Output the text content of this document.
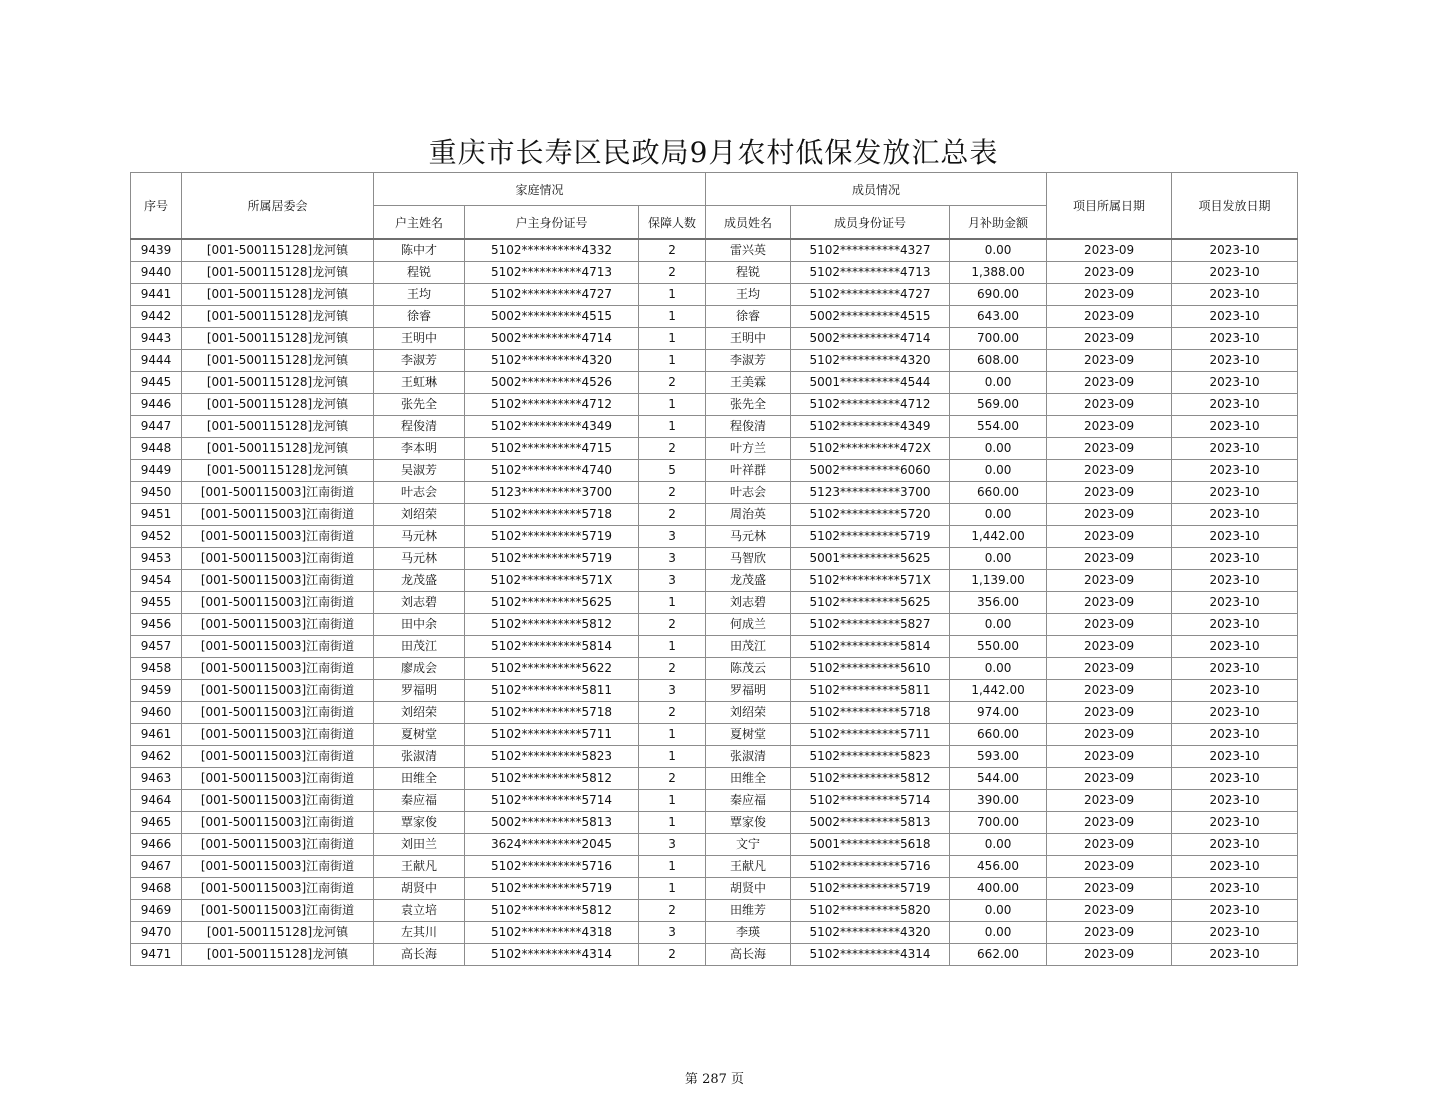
重庆市长寿区民政局9月农村低保发放汇总表
序号	所属居委会	家庭情况			成员情况			项目所属日期	项目发放日期
		户主姓名	户主身份证号	保障人数	成员姓名	成员身份证号	月补助金额		
9439	[001-500115128]龙河镇	陈中才	5102**********4332	2	雷兴英	5102**********4327	0.00	2023-09	2023-10
9440	[001-500115128]龙河镇	程锐	5102**********4713	2	程锐	5102**********4713	1,388.00	2023-09	2023-10
9441	[001-500115128]龙河镇	王均	5102**********4727	1	王均	5102**********4727	690.00	2023-09	2023-10
9442	[001-500115128]龙河镇	徐睿	5002**********4515	1	徐睿	5002**********4515	643.00	2023-09	2023-10
9443	[001-500115128]龙河镇	王明中	5002**********4714	1	王明中	5002**********4714	700.00	2023-09	2023-10
9444	[001-500115128]龙河镇	李淑芳	5102**********4320	1	李淑芳	5102**********4320	608.00	2023-09	2023-10
9445	[001-500115128]龙河镇	王虹琳	5002**********4526	2	王美霖	5001**********4544	0.00	2023-09	2023-10
9446	[001-500115128]龙河镇	张先全	5102**********4712	1	张先全	5102**********4712	569.00	2023-09	2023-10
9447	[001-500115128]龙河镇	程俊清	5102**********4349	1	程俊清	5102**********4349	554.00	2023-09	2023-10
9448	[001-500115128]龙河镇	李本明	5102**********4715	2	叶方兰	5102**********472X	0.00	2023-09	2023-10
9449	[001-500115128]龙河镇	吴淑芳	5102**********4740	5	叶祥群	5002**********6060	0.00	2023-09	2023-10
9450	[001-500115003]江南街道	叶志会	5123**********3700	2	叶志会	5123**********3700	660.00	2023-09	2023-10
9451	[001-500115003]江南街道	刘绍荣	5102**********5718	2	周治英	5102**********5720	0.00	2023-09	2023-10
9452	[001-500115003]江南街道	马元林	5102**********5719	3	马元林	5102**********5719	1,442.00	2023-09	2023-10
9453	[001-500115003]江南街道	马元林	5102**********5719	3	马智欣	5001**********5625	0.00	2023-09	2023-10
9454	[001-500115003]江南街道	龙茂盛	5102**********571X	3	龙茂盛	5102**********571X	1,139.00	2023-09	2023-10
9455	[001-500115003]江南街道	刘志碧	5102**********5625	1	刘志碧	5102**********5625	356.00	2023-09	2023-10
9456	[001-500115003]江南街道	田中余	5102**********5812	2	何成兰	5102**********5827	0.00	2023-09	2023-10
9457	[001-500115003]江南街道	田茂江	5102**********5814	1	田茂江	5102**********5814	550.00	2023-09	2023-10
9458	[001-500115003]江南街道	廖成会	5102**********5622	2	陈茂云	5102**********5610	0.00	2023-09	2023-10
9459	[001-500115003]江南街道	罗福明	5102**********5811	3	罗福明	5102**********5811	1,442.00	2023-09	2023-10
9460	[001-500115003]江南街道	刘绍荣	5102**********5718	2	刘绍荣	5102**********5718	974.00	2023-09	2023-10
9461	[001-500115003]江南街道	夏树堂	5102**********5711	1	夏树堂	5102**********5711	660.00	2023-09	2023-10
9462	[001-500115003]江南街道	张淑清	5102**********5823	1	张淑清	5102**********5823	593.00	2023-09	2023-10
9463	[001-500115003]江南街道	田维全	5102**********5812	2	田维全	5102**********5812	544.00	2023-09	2023-10
9464	[001-500115003]江南街道	秦应福	5102**********5714	1	秦应福	5102**********5714	390.00	2023-09	2023-10
9465	[001-500115003]江南街道	覃家俊	5002**********5813	1	覃家俊	5002**********5813	700.00	2023-09	2023-10
9466	[001-500115003]江南街道	刘田兰	3624**********2045	3	文宁	5001**********5618	0.00	2023-09	2023-10
9467	[001-500115003]江南街道	王献凡	5102**********5716	1	王献凡	5102**********5716	456.00	2023-09	2023-10
9468	[001-500115003]江南街道	胡贤中	5102**********5719	1	胡贤中	5102**********5719	400.00	2023-09	2023-10
9469	[001-500115003]江南街道	袁立培	5102**********5812	2	田维芳	5102**********5820	0.00	2023-09	2023-10
9470	[001-500115128]龙河镇	左其川	5102**********4318	3	李瑛	5102**********4320	0.00	2023-09	2023-10
9471	[001-500115128]龙河镇	高长海	5102**********4314	2	高长海	5102**********4314	662.00	2023-09	2023-10
第 287 页
